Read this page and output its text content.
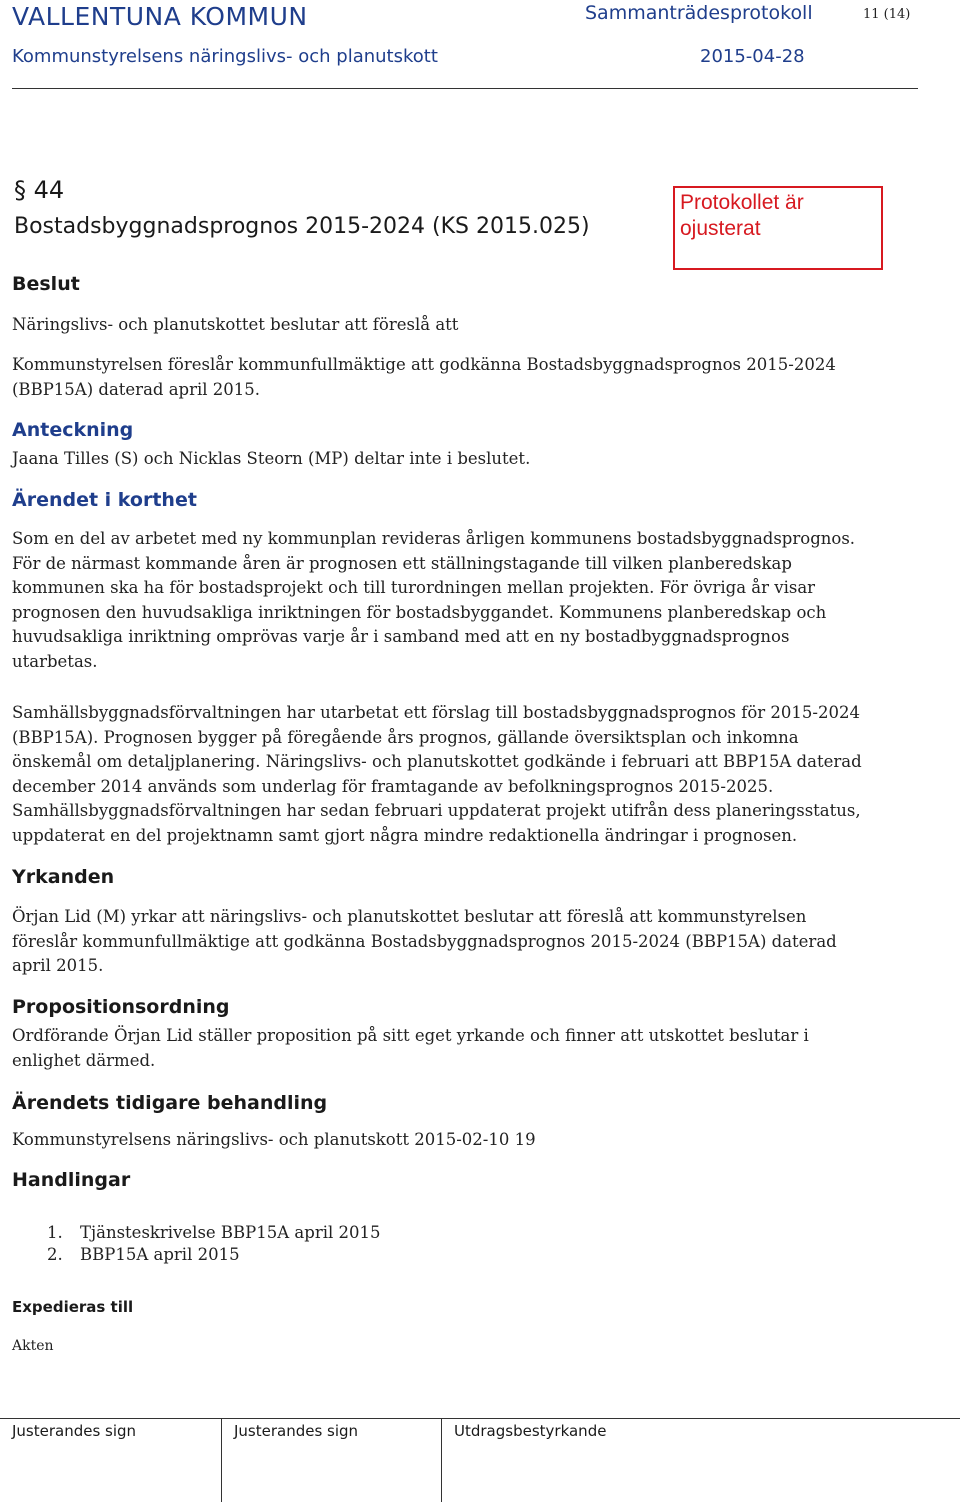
VALLENTUNA KOMMUN	Sammanträdesprotokoll	11 (14)
Kommunstyrelsens näringslivs- och planutskott	2015-04-28
§ 44
Bostadsbyggnadsprognos 2015-2024 (KS 2015.025)
Protokollet är
ojusterat
Beslut

Näringslivs- och planutskottet beslutar att föreslå att

Kommunstyrelsen föreslår kommunfullmäktige att godkänna Bostadsbyggnadsprognos 2015-2024

(BBP15A) daterad april 2015.

Anteckning

Jaana Tilles (S) och Nicklas Steorn (MP) deltar inte i beslutet.

Ärendet i korthet

Som en del av arbetet med ny kommunplan revideras årligen kommunens bostadsbyggnadsprognos.

För de närmast kommande åren är prognosen ett ställningstagande till vilken planberedskap

kommunen ska ha för bostadsprojekt och till turordningen mellan projekten. För övriga år visar

prognosen den huvudsakliga inriktningen för bostadsbyggandet. Kommunens planberedskap och

huvudsakliga inriktning omprövas varje år i samband med att en ny bostadbyggnadsprognos

utarbetas.

Samhällsbyggnadsförvaltningen har utarbetat ett förslag till bostadsbyggnadsprognos för 2015-2024

(BBP15A). Prognosen bygger på föregående års prognos, gällande översiktsplan och inkomna

önskemål om detaljplanering. Näringslivs- och planutskottet godkände i februari att BBP15A daterad

december 2014 används som underlag för framtagande av befolkningsprognos 2015-2025.

Samhällsbyggnadsförvaltningen har sedan februari uppdaterat projekt utifrån dess planeringsstatus,

uppdaterat en del projektnamn samt gjort några mindre redaktionella ändringar i prognosen.

Yrkanden

Örjan Lid (M) yrkar att näringslivs- och planutskottet beslutar att föreslå att kommunstyrelsen

föreslår kommunfullmäktige att godkänna Bostadsbyggnadsprognos 2015-2024 (BBP15A) daterad

april 2015.

Propositionsordning

Ordförande Örjan Lid ställer proposition på sitt eget yrkande och finner att utskottet beslutar i

enlighet därmed.

Ärendets tidigare behandling

Kommunstyrelsens näringslivs- och planutskott 2015-02-10 19

Handlingar
1. Tjänsteskrivelse BBP15A april 2015
2. BBP15A april 2015
Expedieras till
Akten
Justerandes sign	Justerandes sign	Utdragsbestyrkande
